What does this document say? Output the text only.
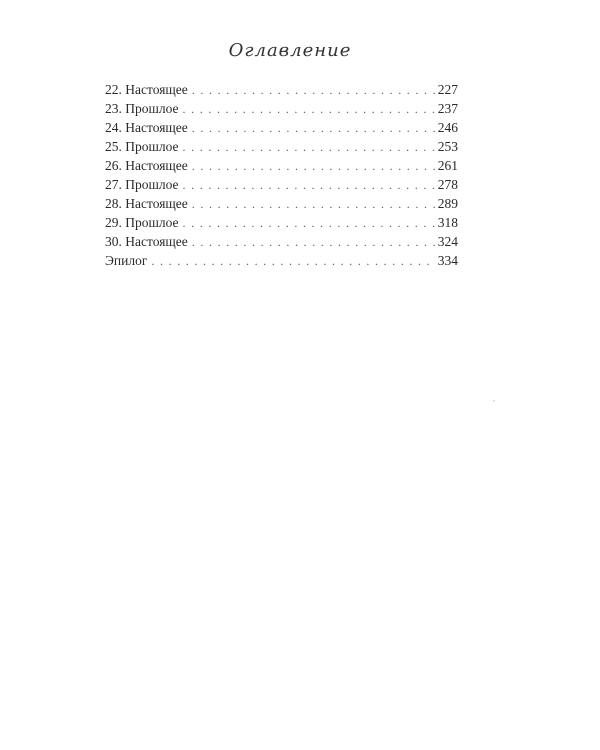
Оглавление
22. Настоящее . . .	227
23. Прошлое . . .	237
24. Настоящее . . .	246
25. Прошлое . . .	253
26. Настоящее . . .	261
27. Прошлое . . .	278
28. Настоящее . . .	289
29. Прошлое . . .	318
30. Настоящее . . .	324
Эпилог . . .	334
